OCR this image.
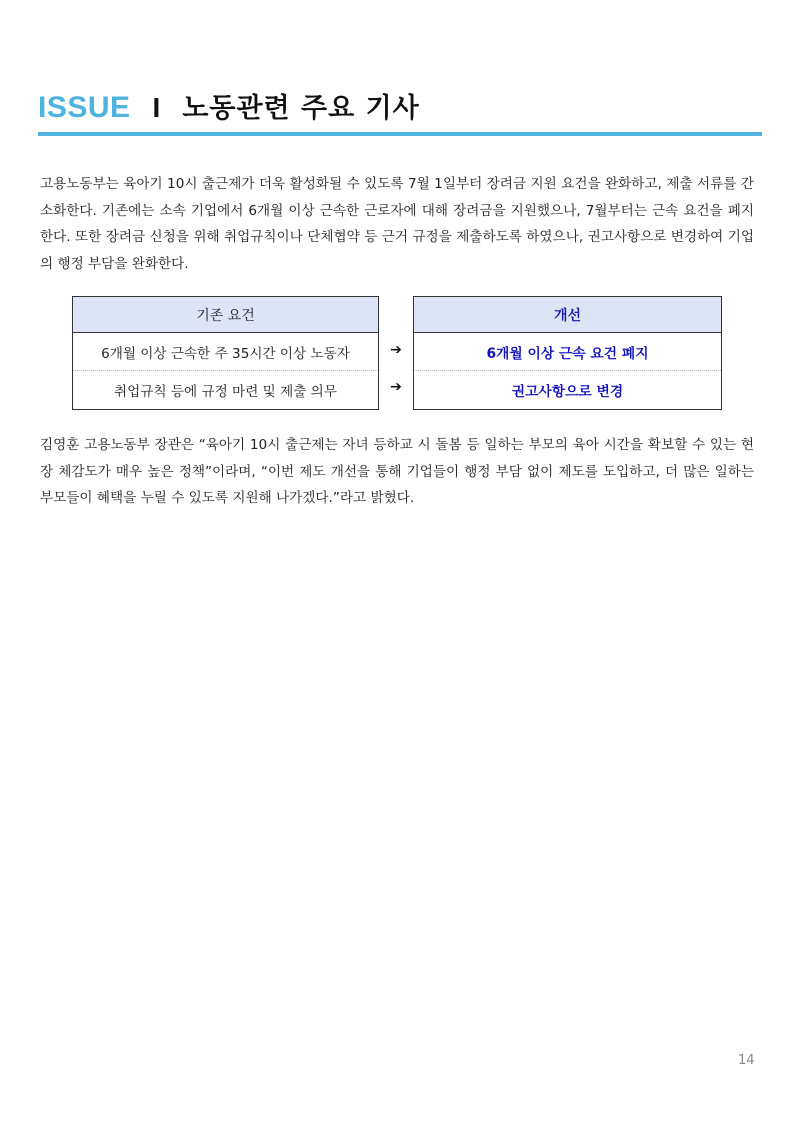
ISSUE I 노동관련 주요 기사

고용노동부는 육아기 10시 출근제가 더욱 활성화될 수 있도록 7월 1일부터 장려금 지원 요건을 완화하고, 제출 서류를 간소화한다. 기존에는 소속 기업에서 6개월 이상 근속한 근로자에 대해 장려금을 지원했으나, 7월부터는 근속 요건을 폐지한다. 또한 장려금 신청을 위해 취업규칙이나 단체협약 등 근거 규정을 제출하도록 하였으나, 권고사항으로 변경하여 기업의 행정 부담을 완화한다.

기존 요건
6개월 이상 근속한 주 35시간 이상 노동자
취업규칙 등에 규정 마련 및 제출 의무
➔
➔
개선
6개월 이상 근속 요건 폐지
권고사항으로 변경

김영훈 고용노동부 장관은 “육아기 10시 출근제는 자녀 등하교 시 돌봄 등 일하는 부모의 육아 시간을 확보할 수 있는 현장 체감도가 매우 높은 정책”이라며, “이번 제도 개선을 통해 기업들이 행정 부담 없이 제도를 도입하고, 더 많은 일하는 부모들이 혜택을 누릴 수 있도록 지원해 나가겠다.”라고 밝혔다.

14
